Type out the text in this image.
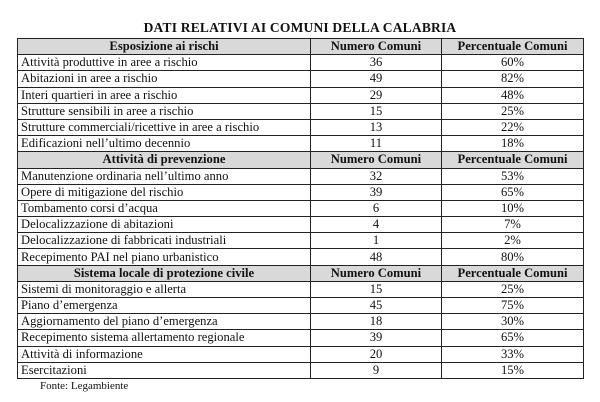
DATI RELATIVI AI COMUNI DELLA CALABRIA
Esposizione ai rischi	Numero Comuni	Percentuale Comuni
Attività produttive in aree a rischio	36	60%
Abitazioni in aree a rischio	49	82%
Interi quartieri in aree a rischio	29	48%
Strutture sensibili in aree a rischio	15	25%
Strutture commerciali/ricettive in aree a rischio	13	22%
Edificazioni nell’ultimo decennio	11	18%
Attività di prevenzione	Numero Comuni	Percentuale Comuni
Manutenzione ordinaria nell’ultimo anno	32	53%
Opere di mitigazione del rischio	39	65%
Tombamento corsi d’acqua	6	10%
Delocalizzazione di abitazioni	4	7%
Delocalizzazione di fabbricati industriali	1	2%
Recepimento PAI nel piano urbanistico	48	80%
Sistema locale di protezione civile	Numero Comuni	Percentuale Comuni
Sistemi di monitoraggio e allerta	15	25%
Piano d’emergenza	45	75%
Aggiornamento del piano d’emergenza	18	30%
Recepimento sistema allertamento regionale	39	65%
Attività di informazione	20	33%
Esercitazioni	9	15%
Fonte: Legambiente
